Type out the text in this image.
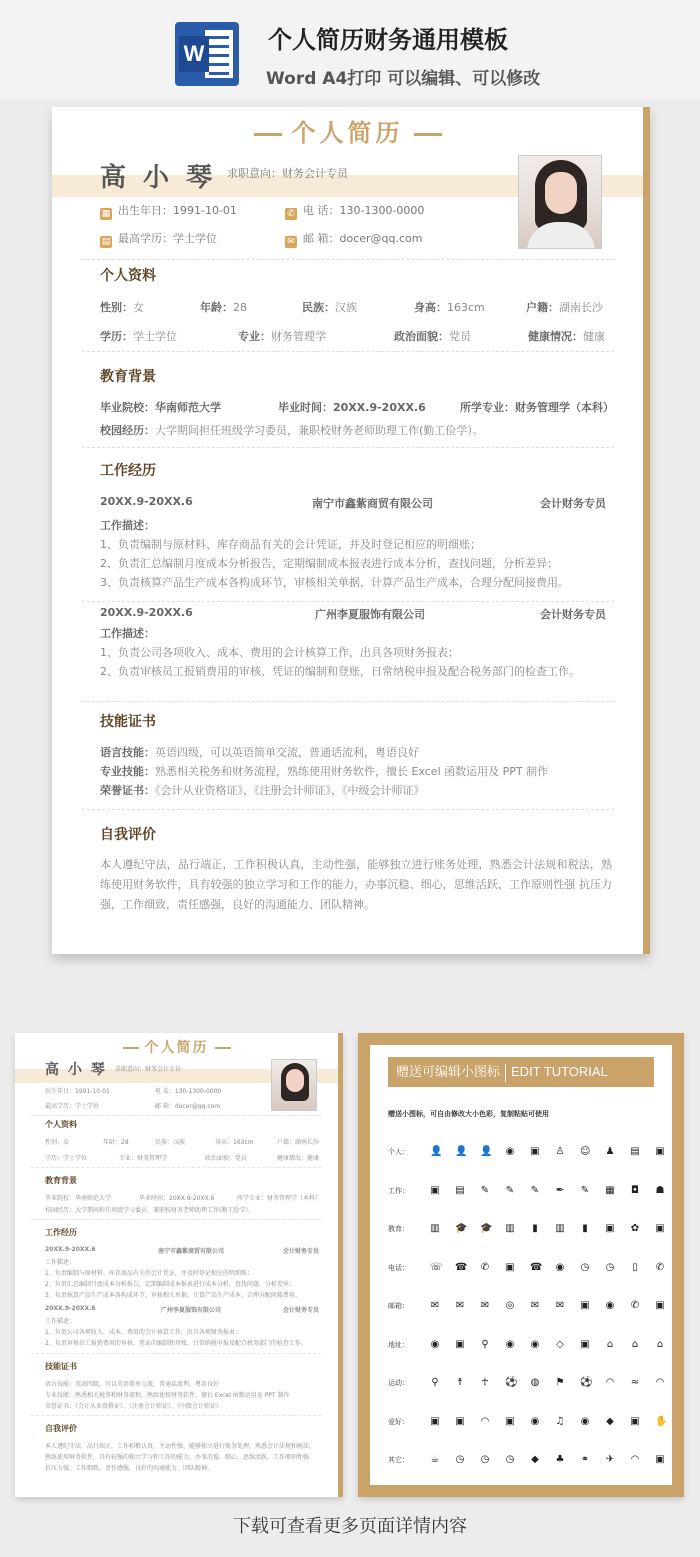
W	个人简历财务通用模板
Word A4打印 可以编辑、可以修改
个人简历
高 小 琴 求职意向：财务会计专员
▦ 出生年日：1991-10-01	✆ 电 话：130-1300-0000
▤ 最高学历：学士学位	✉ 邮 箱：docer@qq.com
个人资料
性别：女	年龄：28	民族：汉族	身高：163cm	户籍：湖南长沙
学历：学士学位	专业：财务管理学	政治面貌：党员	健康情况：健康
教育背景
毕业院校：华南师范大学	毕业时间：20XX.9-20XX.6	所学专业：财务管理学（本科）
校园经历：大学期间担任班级学习委员，兼职校财务老师助理工作(勤工俭学）。
工作经历
20XX.9-20XX.6	南宁市鑫紫商贸有限公司	会计财务专员
工作描述：
1、负责编制与原材料、库存商品有关的会计凭证，并及时登记相应的明细账；
2、负责汇总编制月度成本分析报告，定期编制成本报表进行成本分析，查找问题，分析差异；
3、负责核算产品生产成本各构成环节，审核相关单据，计算产品生产成本，合理分配间接费用。
20XX.9-20XX.6	广州李夏服饰有限公司	会计财务专员
工作描述：
1、负责公司各项收入、成本、费用的会计核算工作，出具各项财务报表；
2、负责审核员工报销费用的审核、凭证的编制和登账，日常纳税申报及配合税务部门的检查工作。
技能证书
语言技能：英语四级，可以英语简单交流，普通话流利，粤语良好
专业技能：熟悉相关税务和财务流程，熟练使用财务软件，擅长 Excel 函数运用及 PPT 制作
荣誉证书：《会计从业资格证》、《注册会计师证》、《中级会计师证》
自我评价
本人遵纪守法，品行端正，工作积极认真，主动性强，能够独立进行账务处理，熟悉会计法规和税法，熟练使用财务软件，具有较强的独立学习和工作的能力，办事沉稳、细心，思维活跃，工作原则性强 抗压力强，工作细致，责任感强，良好的沟通能力、团队精神。
个人简历
高 小 琴 求职意向：财务会计专员
出生年日：1991-10-01	电 话：130-1300-0000
最高学历：学士学位	邮 箱：docer@qq.com
个人资料
性别：女	年龄：28	民族：汉族	身高：163cm	户籍：湖南长沙
学历：学士学位	专业：财务管理学	政治面貌：党员	健康情况：健康
教育背景
毕业院校：华南师范大学	毕业时间：20XX.9-20XX.6	所学专业：财务管理学（本科）
校园经历：大学期间担任班级学习委员，兼职校财务老师助理工作(勤工俭学）。
工作经历
20XX.9-20XX.6	南宁市鑫紫商贸有限公司	会计财务专员
工作描述：
1、负责编制与原材料、库存商品有关的会计凭证，并及时登记相应的明细账；
2、负责汇总编制月度成本分析报告，定期编制成本报表进行成本分析，查找问题，分析差异；
3、负责核算产品生产成本各构成环节，审核相关单据，计算产品生产成本，合理分配间接费用。
20XX.9-20XX.6	广州李夏服饰有限公司	会计财务专员
工作描述：
1、负责公司各项收入、成本、费用的会计核算工作，出具各项财务报表；
2、负责审核员工报销费用的审核、凭证的编制和登账，日常纳税申报及配合税务部门的检查工作。
技能证书
语言技能：英语四级，可以英语简单交流，普通话流利，粤语良好
专业技能：熟悉相关税务和财务流程，熟练使用财务软件，擅长 Excel 函数运用及 PPT 制作
荣誉证书：《会计从业资格证》、《注册会计师证》、《中级会计师证》
自我评价
本人遵纪守法，品行端正，工作积极认真，主动性强，能够独立进行账务处理，熟悉会计法规和税法，熟练使用财务软件，具有较强的独立学习和工作的能力，办事沉稳、细心，思维活跃，工作原则性强 抗压力强，工作细致，责任感强，良好的沟通能力、团队精神。
赠送可编辑小图标 EDIT TUTORIAL
赠送小图标，可自由修改大小色彩，复制粘贴可使用
个人： 👤 👤 👤 ◉ ▣ ♙ ☺ ♟ ▤ ▣
工作： ▣ ▤ ✎ ✎ ✎ ✒ ✎ ▦ ◘ ☗
教育： ▥ 🎓 🎓 ▥ ▮ ▥ ▮ ▣ ✿ ▣
电话： ☏ ☎ ✆ ▣ ☎ ◉ ◷ ◷ ▯ ✆
邮箱： ✉ ✉ ✉ ◎ ✉ ✉ ▣ ◉ ✆ ▣
地址： ◉ ▣ ⚲ ◉ ◉ ◇ ▣ ⌂ ⌂ ⌂
运动： ⚲ ☨ ☥ ⚽ ◍ ⚑ ⚽ ◠ ≈ ◠
爱好： ▣ ▣ ◠ ▣ ◉ ♫ ◉ ◆ ▣ ✋
其它： ☕ ◷ ◷ ◷ ◆ ♣ ⚭ ✈ ◠ ▣
下载可查看更多页面详情内容
